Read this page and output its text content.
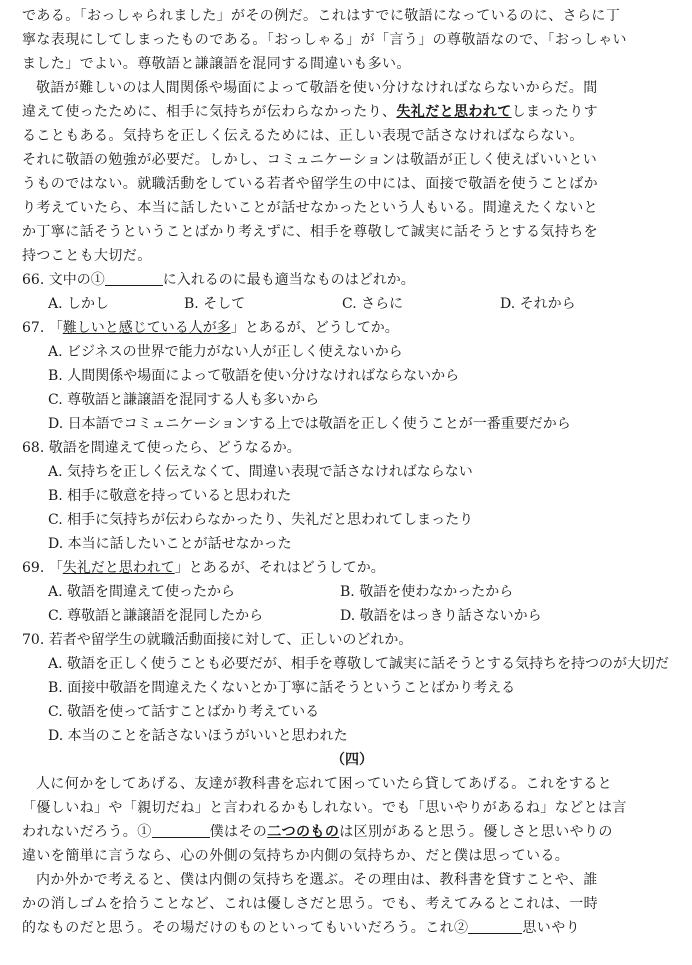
である。「おっしゃられました」がその例だ。これはすでに敬語になっているのに、さらに丁

寧な表現にしてしまったものである。「おっしゃる」が「言う」の尊敬語なので、「おっしゃい

ました」でよい。尊敬語と謙譲語を混同する間違いも多い。

敬語が難しいのは人間関係や場面によって敬語を使い分けなければならないからだ。間

違えて使ったために、相手に気持ちが伝わらなかったり、失礼だと思われてしまったりす

ることもある。気持ちを正しく伝えるためには、正しい表現で話さなければならない。

それに敬語の勉強が必要だ。しかし、コミュニケーションは敬語が正しく使えばいいとい

うものではない。就職活動をしている若者や留学生の中には、面接で敬語を使うことばか

り考えていたら、本当に話したいことが話せなかったという人もいる。間違えたくないと

か丁寧に話そうということばかり考えずに、相手を尊敬して誠実に話そうとする気持ちを

持つことも大切だ。

66. 文中の①	に入れるのに最も適当なものはどれか。

A. しかし	B. そして	C. さらに	D. それから

67. 「難しいと感じている人が多」とあるが、どうしてか。

A. ビジネスの世界で能力がない人が正しく使えないから

B. 人間関係や場面によって敬語を使い分けなければならないから

C. 尊敬語と謙譲語を混同する人も多いから

D. 日本語でコミュニケーションする上では敬語を正しく使うことが一番重要だから

68. 敬語を間違えて使ったら、どうなるか。

A. 気持ちを正しく伝えなくて、間違い表現で話さなければならない

B. 相手に敬意を持っていると思われた

C. 相手に気持ちが伝わらなかったり、失礼だと思われてしまったり

D. 本当に話したいことが話せなかった

69. 「失礼だと思われて」とあるが、それはどうしてか。

A. 敬語を間違えて使ったから	B. 敬語を使わなかったから
C. 尊敬語と謙譲語を混同したから	D. 敬語をはっきり話さないから

70. 若者や留学生の就職活動面接に対して、正しいのどれか。

A. 敬語を正しく使うことも必要だが、相手を尊敬して誠実に話そうとする気持ちを持つのが大切だ

B. 面接中敬語を間違えたくないとか丁寧に話そうということばかり考える

C. 敬語を使って話すことばかり考えている

D. 本当のことを話さないほうがいいと思われた

（四）

人に何かをしてあげる、友達が教科書を忘れて困っていたら貸してあげる。これをすると

「優しいね」や「親切だね」と言われるかもしれない。でも「思いやりがあるね」などとは言

われないだろう。①	僕はその二つのものは区別があると思う。優しさと思いやりの

違いを簡単に言うなら、心の外側の気持ちか内側の気持ちか、だと僕は思っている。

内か外かで考えると、僕は内側の気持ちを選ぶ。その理由は、教科書を貸すことや、誰

かの消しゴムを拾うことなど、これは優しさだと思う。でも、考えてみるとこれは、一時

的なものだと思う。その場だけのものといってもいいだろう。これ②	思いやり
